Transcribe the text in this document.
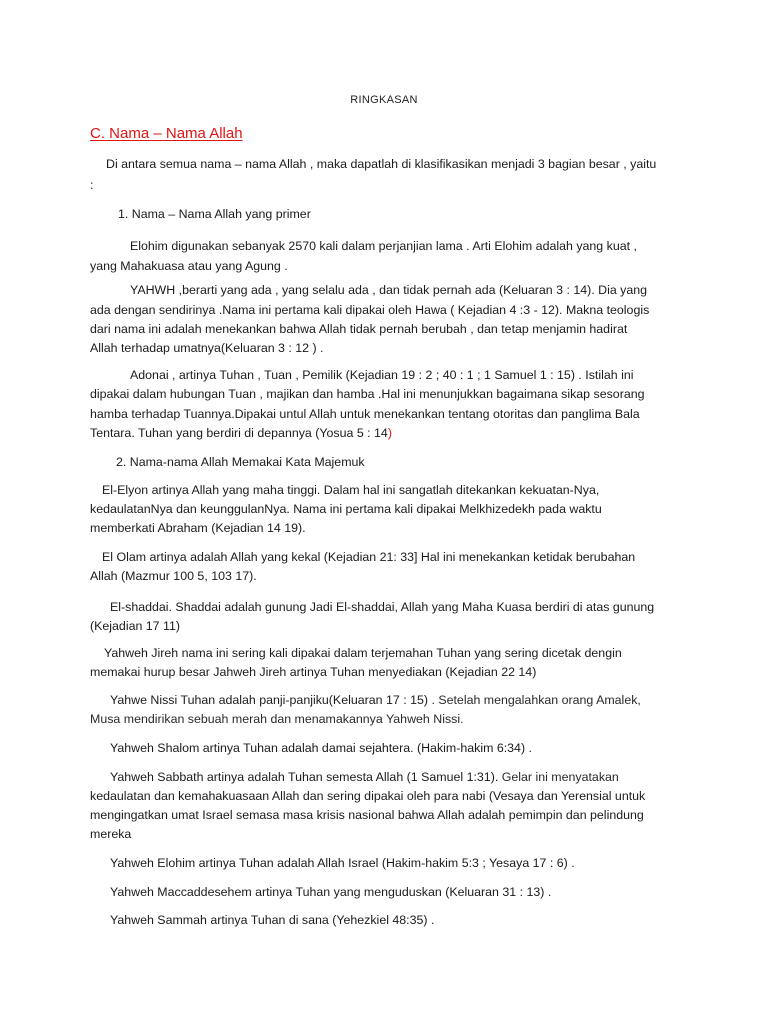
RINGKASAN
C. Nama – Nama Allah
Di antara semua nama – nama Allah , maka dapatlah di klasifikasikan menjadi 3 bagian besar , yaitu
:
1. Nama – Nama Allah yang primer
Elohim digunakan sebanyak 2570 kali dalam perjanjian lama . Arti Elohim adalah yang kuat ,
yang Mahakuasa atau yang Agung .
YAHWH ,berarti yang ada , yang selalu ada , dan tidak pernah ada (Keluaran 3 : 14). Dia yang
ada dengan sendirinya .Nama ini pertama kali dipakai oleh Hawa ( Kejadian 4 :3 - 12). Makna teologis
dari nama ini adalah menekankan bahwa Allah tidak pernah berubah , dan tetap menjamin hadirat
Allah terhadap umatnya(Keluaran 3 : 12 ) .
Adonai , artinya Tuhan , Tuan , Pemilik (Kejadian 19 : 2 ; 40 : 1 ; 1 Samuel 1 : 15) . Istilah ini
dipakai dalam hubungan Tuan , majikan dan hamba .Hal ini menunjukkan bagaimana sikap sesorang
hamba terhadap Tuannya.Dipakai untul Allah untuk menekankan tentang otoritas dan panglima Bala
Tentara. Tuhan yang berdiri di depannya (Yosua 5 : 14)
2. Nama-nama Allah Memakai Kata Majemuk
El-Elyon artinya Allah yang maha tinggi. Dalam hal ini sangatlah ditekankan kekuatan-Nya,
kedaulatanNya dan keunggulanNya. Nama ini pertama kali dipakai Melkhizedekh pada waktu
memberkati Abraham (Kejadian 14 19).
El Olam artinya adalah Allah yang kekal (Kejadian 21: 33] Hal ini menekankan ketidak berubahan
Allah (Mazmur 100 5, 103 17).
El-shaddai. Shaddai adalah gunung Jadi El-shaddai, Allah yang Maha Kuasa berdiri di atas gunung
(Kejadian 17 11)
Yahweh Jireh nama ini sering kali dipakai dalam terjemahan Tuhan yang sering dicetak dengin
memakai hurup besar Jahweh Jireh artinya Tuhan menyediakan (Kejadian 22 14)
Yahwe Nissi Tuhan adalah panji-panjiku(Keluaran 17 : 15) . Setelah mengalahkan orang Amalek,
Musa mendirikan sebuah merah dan menamakannya Yahweh Nissi.
Yahweh Shalom artinya Tuhan adalah damai sejahtera. (Hakim-hakim 6:34) .
Yahweh Sabbath artinya adalah Tuhan semesta Allah (1 Samuel 1:31). Gelar ini menyatakan
kedaulatan dan kemahakuasaan Allah dan sering dipakai oleh para nabi (Vesaya dan Yerensial untuk
mengingatkan umat Israel semasa masa krisis nasional bahwa Allah adalah pemimpin dan pelindung
mereka
Yahweh Elohim artinya Tuhan adalah Allah Israel (Hakim-hakim 5:3 ; Yesaya 17 : 6) .
Yahweh Maccaddesehem artinya Tuhan yang menguduskan (Keluaran 31 : 13) .
Yahweh Sammah artinya Tuhan di sana (Yehezkiel 48:35) .
